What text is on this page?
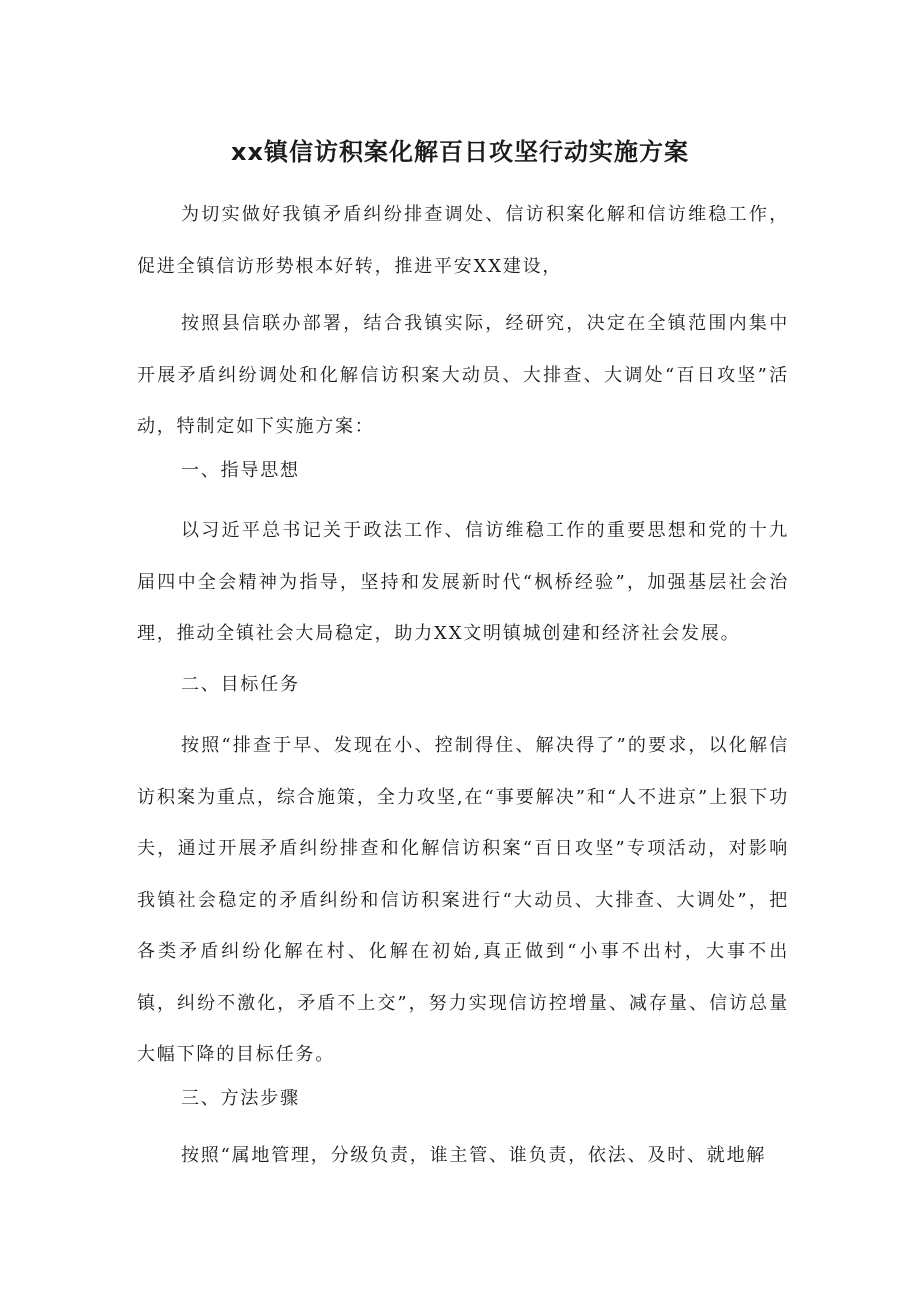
xx镇信访积案化解百日攻坚行动实施方案

为切实做好我镇矛盾纠纷排查调处、信访积案化解和信访维稳工作，促进全镇信访形势根本好转，推进平安XX建设，

按照县信联办部署，结合我镇实际，经研究，决定在全镇范围内集中开展矛盾纠纷调处和化解信访积案大动员、大排查、大调处“百日攻坚”活动，特制定如下实施方案：

一、指导思想

以习近平总书记关于政法工作、信访维稳工作的重要思想和党的十九届四中全会精神为指导，坚持和发展新时代“枫桥经验”，加强基层社会治理，推动全镇社会大局稳定，助力XX文明镇城创建和经济社会发展。

二、目标任务

按照“排查于早、发现在小、控制得住、解决得了”的要求，以化解信访积案为重点，综合施策，全力攻坚,在“事要解决”和“人不进京”上狠下功夫，通过开展矛盾纠纷排查和化解信访积案“百日攻坚”专项活动，对影响我镇社会稳定的矛盾纠纷和信访积案进行“大动员、大排查、大调处”，把各类矛盾纠纷化解在村、化解在初始,真正做到“小事不出村，大事不出镇，纠纷不激化，矛盾不上交”，努力实现信访控增量、减存量、信访总量大幅下降的目标任务。

三、方法步骤

按照“属地管理，分级负责，谁主管、谁负责，依法、及时、就地解
